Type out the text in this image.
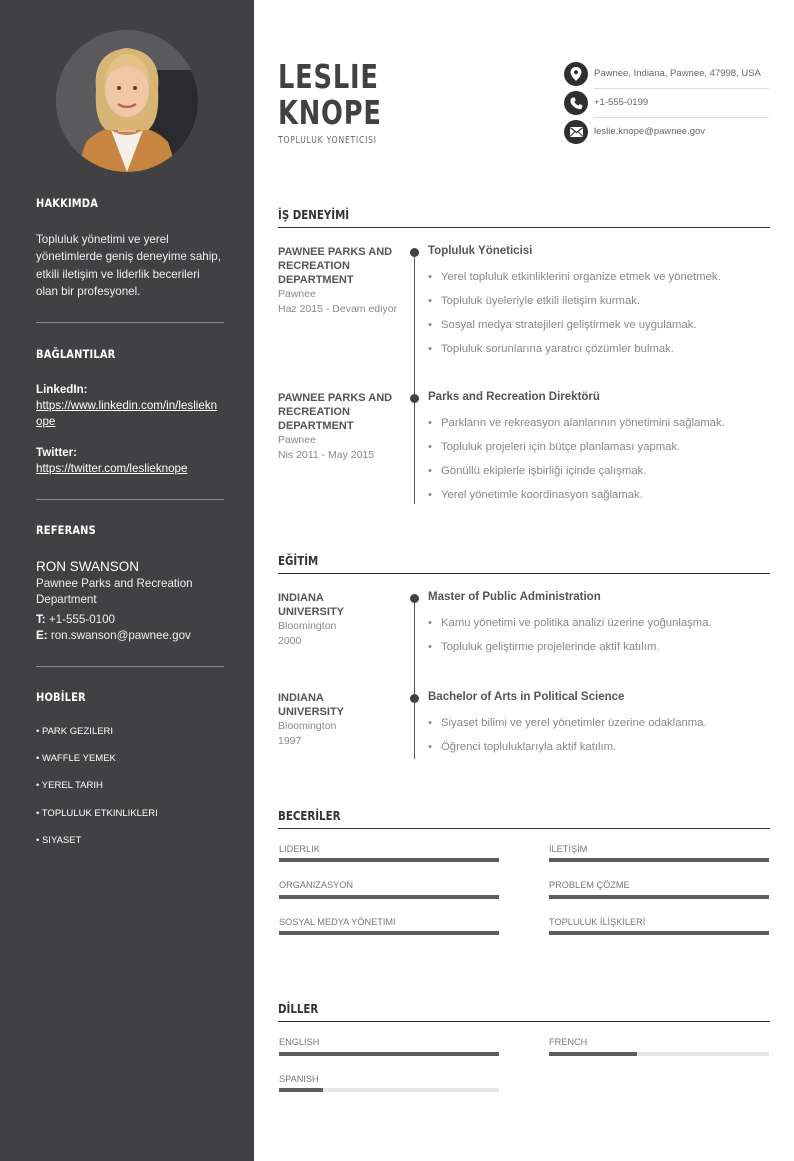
HAKKIMDA
Topluluk yönetimi ve yerel yönetimlerde geniş deneyime sahip, etkili iletişim ve liderlik becerileri olan bir profesyonel.
BAĞLANTILAR
LinkedIn:
https://www.linkedin.com/in/leslieknope
Twitter:
https://twitter.com/leslieknope
REFERANS
RON SWANSON
Pawnee Parks and Recreation Department
T: +1-555-0100
E: ron.swanson@pawnee.gov
HOBİLER
• PARK GEZILERI
• WAFFLE YEMEK
• YEREL TARIH
• TOPLULUK ETKINLIKLERI
• SIYASET
LESLIE
KNOPE
TOPLULUK YÖNETICISI
Pawnee, Indiana, Pawnee, 47998, USA
+1-555-0199
leslie.knope@pawnee.gov
İŞ DENEYİMİ
PAWNEE PARKS AND RECREATION DEPARTMENT
Pawnee
Haz 2015 - Devam ediyor
Topluluk Yöneticisi
• Yerel topluluk etkinliklerini organize etmek ve yönetmek.
• Topluluk üyeleriyle etkili iletişim kurmak.
• Sosyal medya stratejileri geliştirmek ve uygulamak.
• Topluluk sorunlarına yaratıcı çözümler bulmak.
PAWNEE PARKS AND RECREATION DEPARTMENT
Pawnee
Nis 2011 - May 2015
Parks and Recreation Direktörü
• Parkların ve rekreasyon alanlarının yönetimini sağlamak.
• Topluluk projeleri için bütçe planlaması yapmak.
• Gönüllü ekiplerle işbirliği içinde çalışmak.
• Yerel yönetimle koordinasyon sağlamak.
EĞİTİM
INDIANA UNIVERSITY
Bloomington
2000
Master of Public Administration
• Kamu yönetimi ve politika analizi üzerine yoğunlaşma.
• Topluluk geliştirme projelerinde aktif katılım.
INDIANA UNIVERSITY
Bloomington
1997
Bachelor of Arts in Political Science
• Siyaset bilimi ve yerel yönetimler üzerine odaklanma.
• Öğrenci topluluklarıyla aktif katılım.
BECERİLER
LIDERLIK	İLETİŞİM
ORGANIZASYON	PROBLEM ÇÖZME
SOSYAL MEDYA YÖNETIMI	TOPLULUK İLİŞKİLERİ
DİLLER
ENGLISH	FRENCH
SPANISH
